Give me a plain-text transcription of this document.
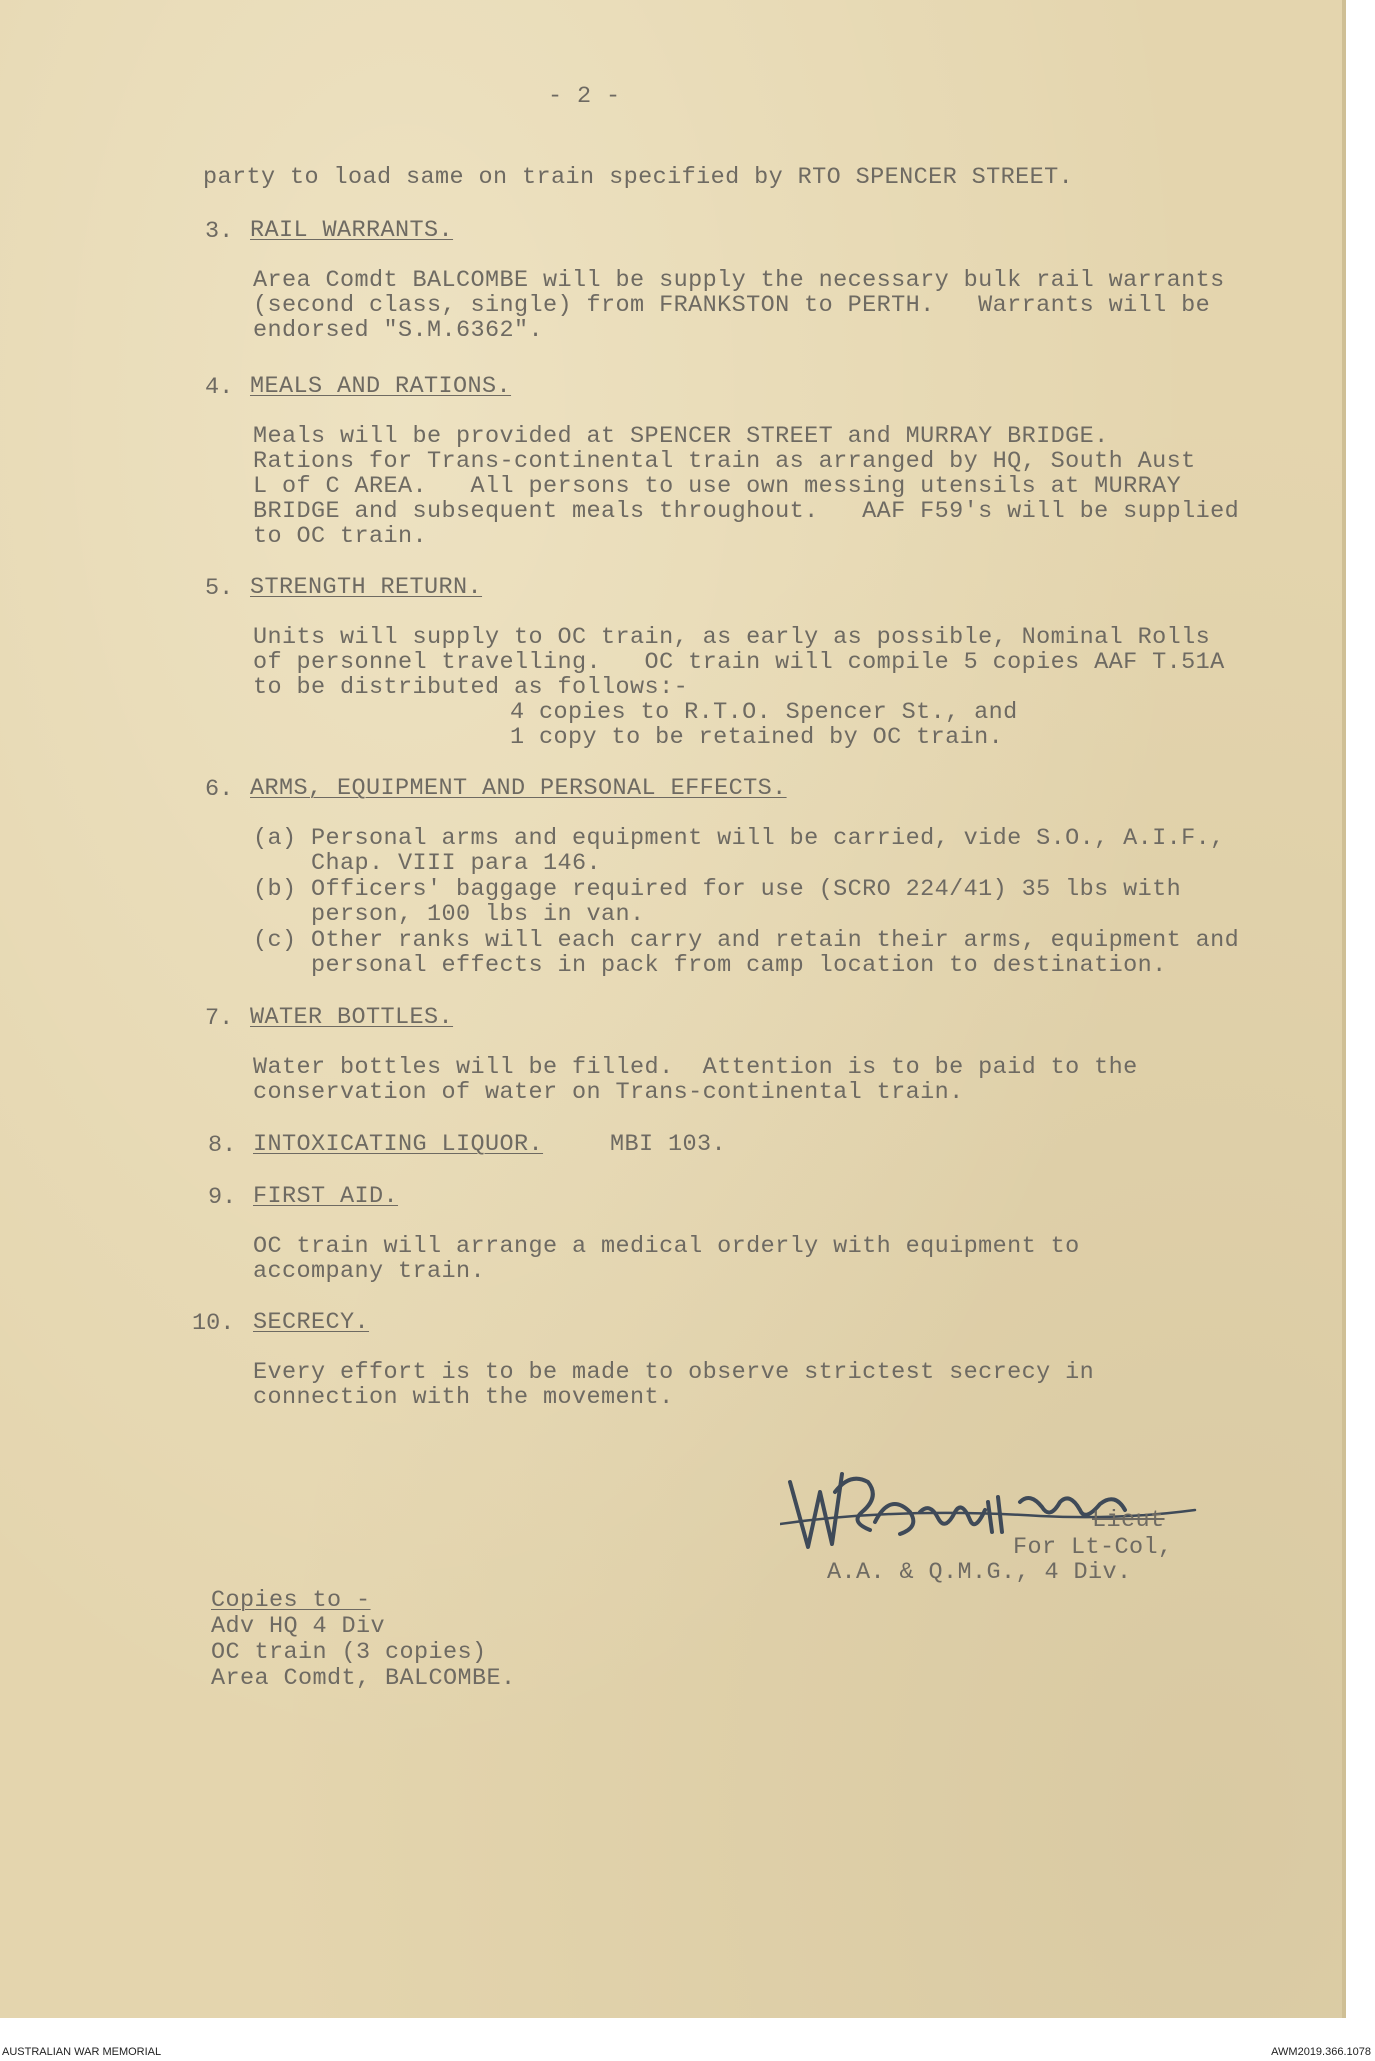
- 2 -
party to load same on train specified by RTO SPENCER STREET.
3. RAIL WARRANTS.
Area Comdt BALCOMBE will be supply the necessary bulk rail warrants
(second class, single) from FRANKSTON to PERTH.   Warrants will be
endorsed "S.M.6362".
4. MEALS AND RATIONS.
Meals will be provided at SPENCER STREET and MURRAY BRIDGE.
Rations for Trans-continental train as arranged by HQ, South Aust
L of C AREA.   All persons to use own messing utensils at MURRAY
BRIDGE and subsequent meals throughout.   AAF F59's will be supplied
to OC train.
5. STRENGTH RETURN.
Units will supply to OC train, as early as possible, Nominal Rolls
of personnel travelling.   OC train will compile 5 copies AAF T.51A
to be distributed as follows:-
4 copies to R.T.O. Spencer St., and
1 copy to be retained by OC train.
6. ARMS, EQUIPMENT AND PERSONAL EFFECTS.
(a) Personal arms and equipment will be carried, vide S.O., A.I.F.,
Chap. VIII para 146.
(b) Officers' baggage required for use (SCRO 224/41) 35 lbs with
person, 100 lbs in van.
(c) Other ranks will each carry and retain their arms, equipment and
personal effects in pack from camp location to destination.
7. WATER BOTTLES.
Water bottles will be filled.  Attention is to be paid to the
conservation of water on Trans-continental train.
8. INTOXICATING LIQUOR.	MBI 103.
9. FIRST AID.
OC train will arrange a medical orderly with equipment to
accompany train.
10. SECRECY.
Every effort is to be made to observe strictest secrecy in
connection with the movement.
Lieut
For Lt-Col,
A.A. & Q.M.G., 4 Div.
Copies to -
Adv HQ 4 Div
OC train (3 copies)
Area Comdt, BALCOMBE.
AUSTRALIAN WAR MEMORIAL	AWM2019.366.1078
